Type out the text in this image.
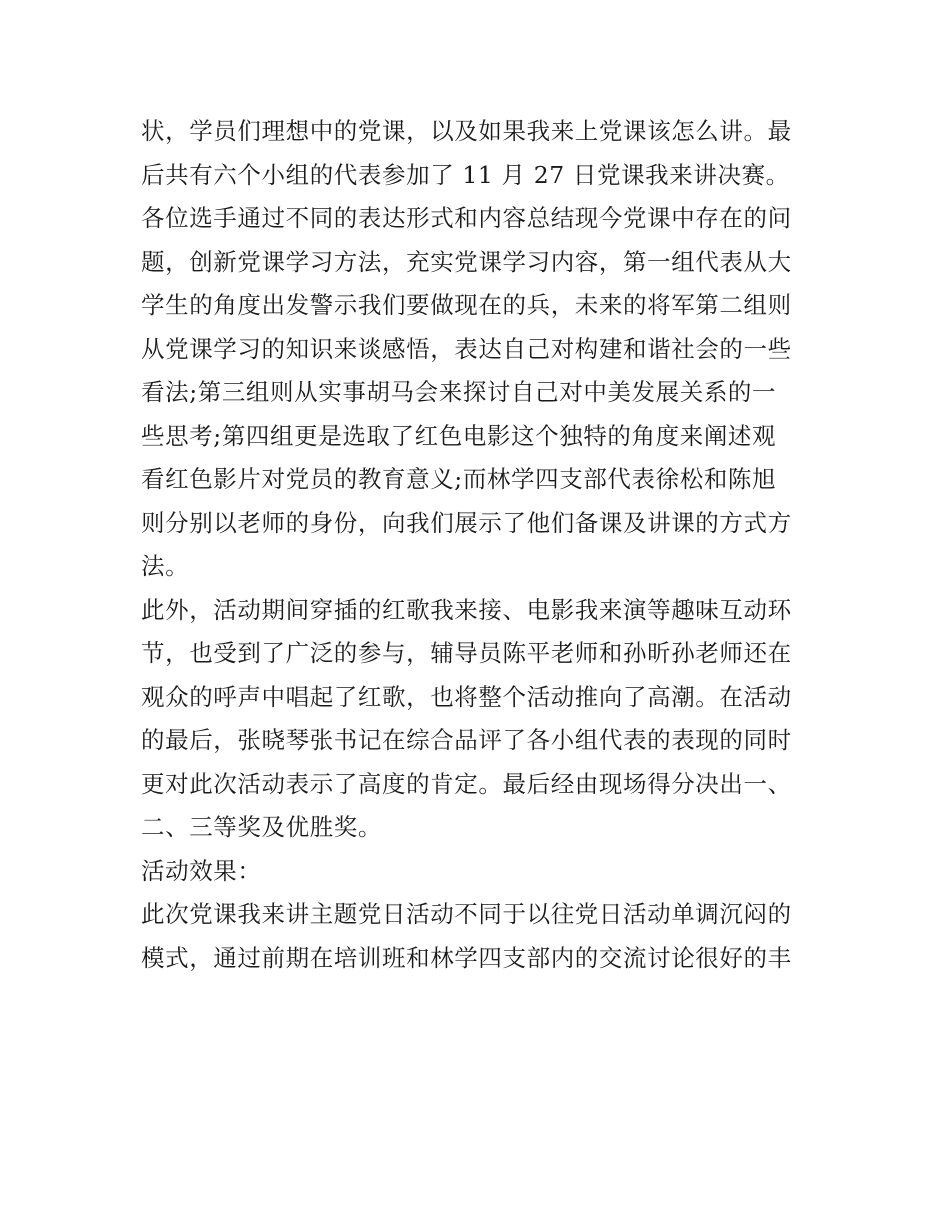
状，学员们理想中的党课，以及如果我来上党课该怎么讲。最
后共有六个小组的代表参加了 11 月 27 日党课我来讲决赛。
各位选手通过不同的表达形式和内容总结现今党课中存在的问
题，创新党课学习方法，充实党课学习内容，第一组代表从大
学生的角度出发警示我们要做现在的兵，未来的将军第二组则
从党课学习的知识来谈感悟，表达自己对构建和谐社会的一些
看法;第三组则从实事胡马会来探讨自己对中美发展关系的一
些思考;第四组更是选取了红色电影这个独特的角度来阐述观
看红色影片对党员的教育意义;而林学四支部代表徐松和陈旭
则分别以老师的身份，向我们展示了他们备课及讲课的方式方
法。
此外，活动期间穿插的红歌我来接、电影我来演等趣味互动环
节，也受到了广泛的参与，辅导员陈平老师和孙昕孙老师还在
观众的呼声中唱起了红歌，也将整个活动推向了高潮。在活动
的最后，张晓琴张书记在综合品评了各小组代表的表现的同时
更对此次活动表示了高度的肯定。最后经由现场得分决出一、
二、三等奖及优胜奖。
活动效果：
此次党课我来讲主题党日活动不同于以往党日活动单调沉闷的
模式，通过前期在培训班和林学四支部内的交流讨论很好的丰
